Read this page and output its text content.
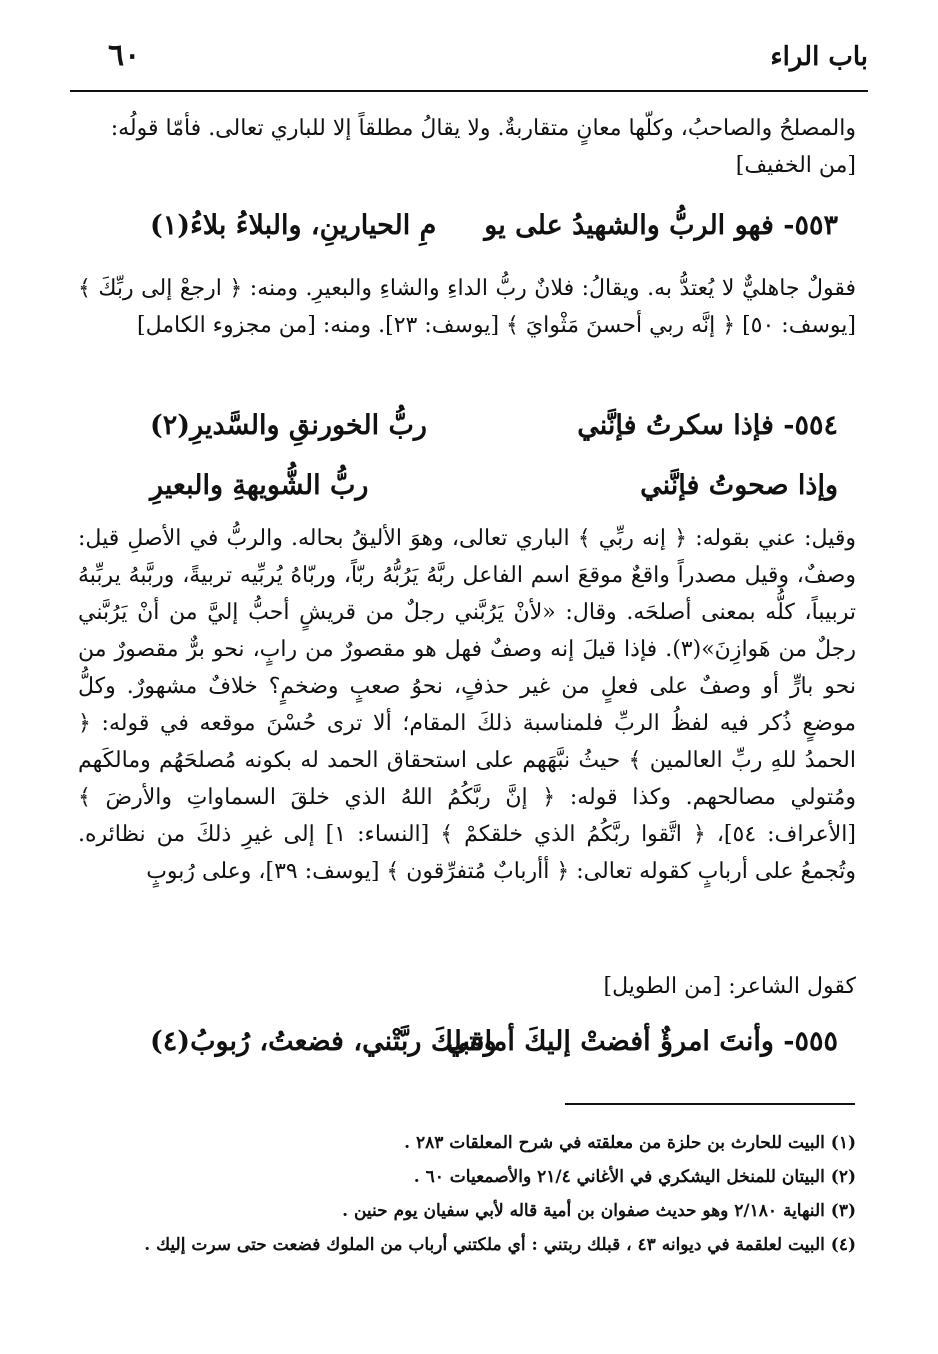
باب الراء
٦٠

والمصلحُ والصاحبُ، وكلّها معانٍ متقاربةٌ. ولا يقالُ مطلقاً إلا للباري تعالى. فأمّا قولُه:

[من الخفيف]

٥٥٣- فهو الربُّ والشهيدُ على يو
مِ الحيارينِ، والبلاءُ بلاءُ(١)

فقولٌ جاهليٌّ لا يُعتدُّ به. ويقالُ: فلانٌ ربُّ الداءِ والشاءِ والبعيرِ. ومنه: ﴿ ارجعْ إلى ربِّكَ ﴾ [يوسف: ٥٠] ﴿ إنَّه ربي أحسنَ مَثْوايَ ﴾ [يوسف: ٢٣]. ومنه: [من مجزوء الكامل]

٥٥٤- فإذا سكرتُ فإنَّني
ربُّ الخورنقِ والسَّديرِ(٢)
وإذا صحوتُ فإنَّني
ربُّ الشُّويهةِ والبعيرِ

وقيل: عني بقوله: ﴿ إنه ربِّي ﴾ الباري تعالى، وهوَ الأليقُ بحاله. والربُّ في الأصلِ قيل: وصفٌ، وقيل مصدراً واقعٌ موقعَ اسم الفاعل ربَّهُ يَرُبُّهُ ربّاً، وربّاهُ يُربِّيه تربيةً، وربَّبهُ يربِّبهُ تربيباً، كلُّه بمعنى أصلحَه. وقال: «لأنْ يَرُبَّني رجلٌ من قريشٍ أحبُّ إليَّ من أنْ يَرُبَّني رجلٌ من هَوازِنَ»(٣). فإذا قيلَ إنه وصفٌ فهل هو مقصورٌ من رابٍ، نحو برٌّ مقصورٌ من نحو بارٍّ أو وصفٌ على فعلٍ من غير حذفٍ، نحوُ صعبٍ وضخمٍ؟ خلافٌ مشهورٌ. وكلُّ موضعٍ ذُكر فيه لفظُ الربِّ فلمناسبة ذلكَ المقام؛ ألا ترى حُسْنَ موقعه في قوله: ﴿ الحمدُ للهِ ربِّ العالمين ﴾ حيثُ نبَّهَهم على استحقاق الحمد له بكونه مُصلحَهُم ومالكَهم ومُتولي مصالحهم. وكذا قوله: ﴿ إنَّ ربَّكُمُ اللهُ الذي خلقَ السماواتِ والأرضَ ﴾ [الأعراف: ٥٤]، ﴿ اتَّقوا ربَّكُمُ الذي خلقكمْ ﴾ [النساء: ١] إلى غيرِ ذلكَ من نظائره. وتُجمعُ على أربابٍ كقوله تعالى: ﴿ أأربابٌ مُتفرِّقون ﴾ [يوسف: ٣٩]، وعلى رُبوبٍ

كقول الشاعر: [من الطويل]

٥٥٥- وأنتَ امرؤٌ أفضتْ إليكَ أمانتي
وقبلكَ ربَّتْني، فضعتُ، رُبوبُ(٤)
(١) البيت للحارث بن حلزة من معلقته في شرح المعلقات ٢٨٣ .
(٢) البيتان للمنخل اليشكري في الأغاني ٢١/٤ والأصمعيات ٦٠ .
(٣) النهاية ٢/١٨٠ وهو حديث صفوان بن أمية قاله لأبي سفيان يوم حنين .
(٤) البيت لعلقمة في ديوانه ٤٣ ، قبلك ربتني : أي ملكتني أرباب من الملوك فضعت حتى سرت إليك .
